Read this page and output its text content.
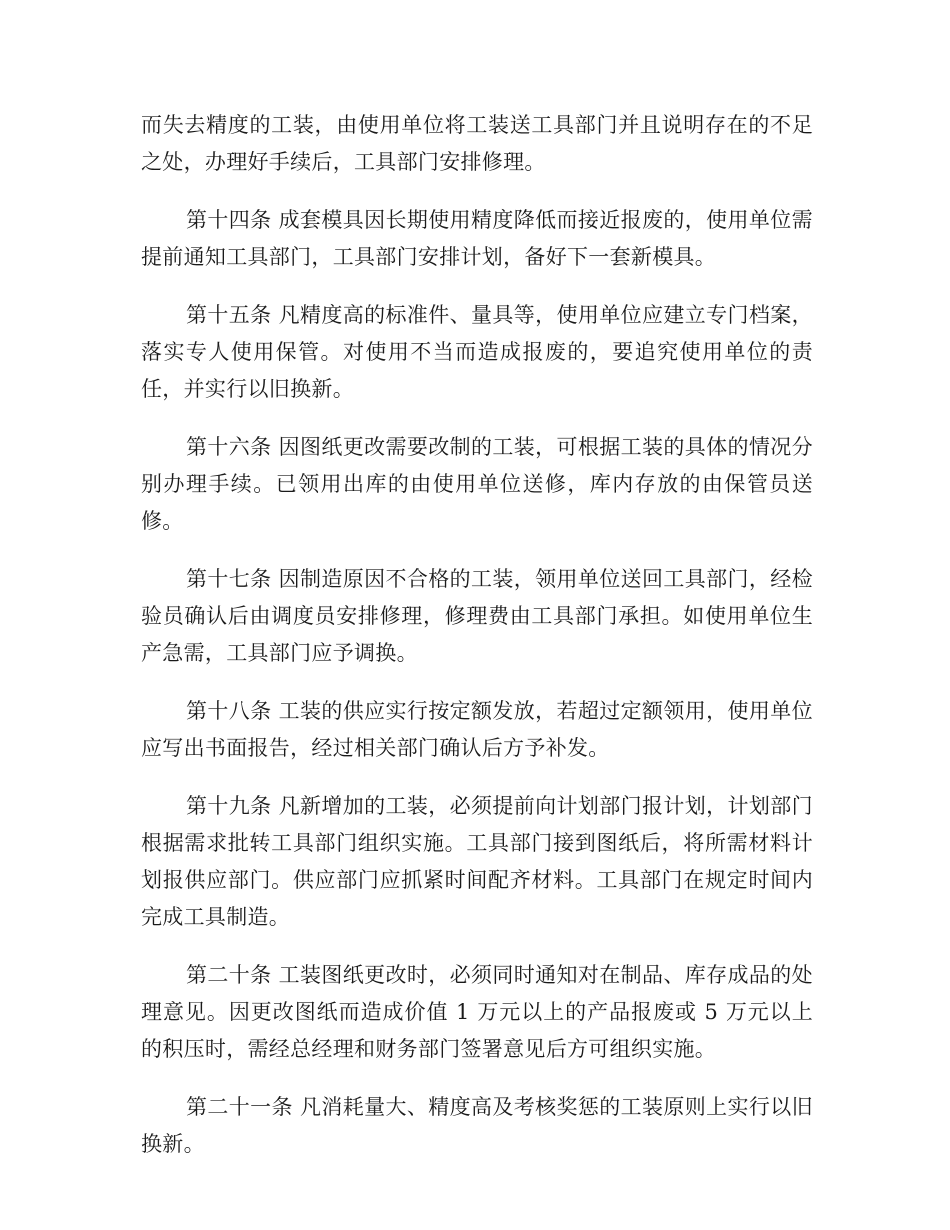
而失去精度的工装，由使用单位将工装送工具部门并且说明存在的不足之处，办理好手续后，工具部门安排修理。

第十四条 成套模具因长期使用精度降低而接近报废的，使用单位需提前通知工具部门，工具部门安排计划，备好下一套新模具。

第十五条 凡精度高的标准件、量具等，使用单位应建立专门档案，落实专人使用保管。对使用不当而造成报废的，要追究使用单位的责任，并实行以旧换新。

第十六条 因图纸更改需要改制的工装，可根据工装的具体的情况分别办理手续。已领用出库的由使用单位送修，库内存放的由保管员送修。

第十七条 因制造原因不合格的工装，领用单位送回工具部门，经检验员确认后由调度员安排修理，修理费由工具部门承担。如使用单位生产急需，工具部门应予调换。

第十八条 工装的供应实行按定额发放，若超过定额领用，使用单位应写出书面报告，经过相关部门确认后方予补发。

第十九条 凡新增加的工装，必须提前向计划部门报计划，计划部门根据需求批转工具部门组织实施。工具部门接到图纸后，将所需材料计划报供应部门。供应部门应抓紧时间配齐材料。工具部门在规定时间内完成工具制造。

第二十条 工装图纸更改时，必须同时通知对在制品、库存成品的处理意见。因更改图纸而造成价值 1 万元以上的产品报废或 5 万元以上的积压时，需经总经理和财务部门签署意见后方可组织实施。

第二十一条 凡消耗量大、精度高及考核奖惩的工装原则上实行以旧换新。
